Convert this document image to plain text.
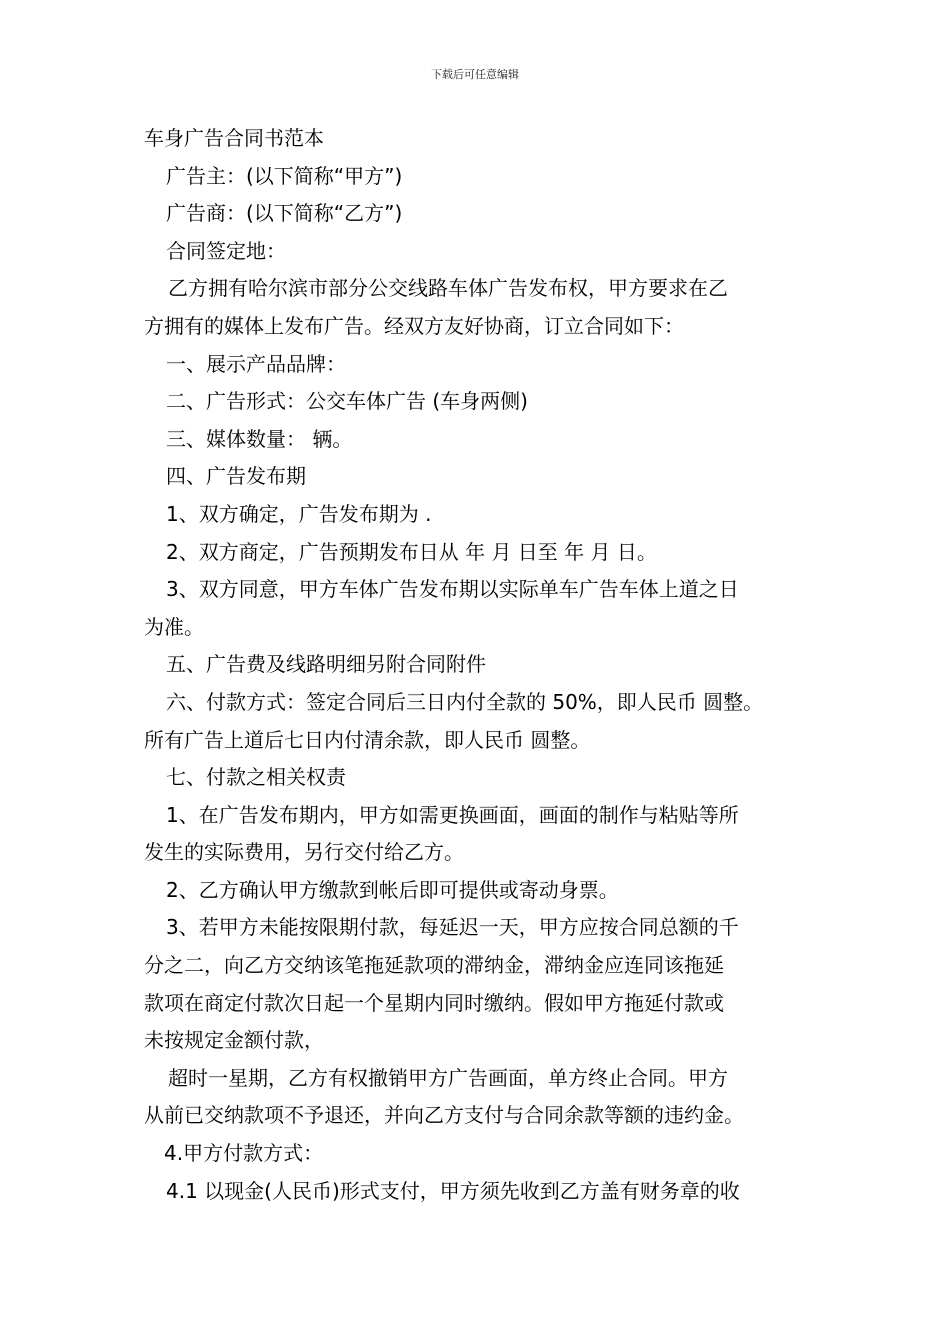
下载后可任意编辑
车身广告合同书范本
广告主：(以下简称“甲方”)
广告商：(以下简称“乙方”)
合同签定地：
乙方拥有哈尔滨市部分公交线路车体广告发布权，甲方要求在乙
方拥有的媒体上发布广告。经双方友好协商，订立合同如下：
一、展示产品品牌：
二、广告形式：公交车体广告 (车身两侧)
三、媒体数量： 辆。
四、广告发布期
1、双方确定，广告发布期为 .
2、双方商定，广告预期发布日从 年 月 日至 年 月 日。
3、双方同意，甲方车体广告发布期以实际单车广告车体上道之日
为准。
五、广告费及线路明细另附合同附件
六、付款方式：签定合同后三日内付全款的 50%，即人民币 圆整。
所有广告上道后七日内付清余款，即人民币 圆整。
七、付款之相关权责
1、在广告发布期内，甲方如需更换画面，画面的制作与粘贴等所
发生的实际费用，另行交付给乙方。
2、乙方确认甲方缴款到帐后即可提供或寄动身票。
3、若甲方未能按限期付款，每延迟一天，甲方应按合同总额的千
分之二，向乙方交纳该笔拖延款项的滞纳金，滞纳金应连同该拖延
款项在商定付款次日起一个星期内同时缴纳。假如甲方拖延付款或
未按规定金额付款，
超时一星期，乙方有权撤销甲方广告画面，单方终止合同。甲方
从前已交纳款项不予退还，并向乙方支付与合同余款等额的违约金。
4.甲方付款方式：
4.1 以现金(人民币)形式支付，甲方须先收到乙方盖有财务章的收
